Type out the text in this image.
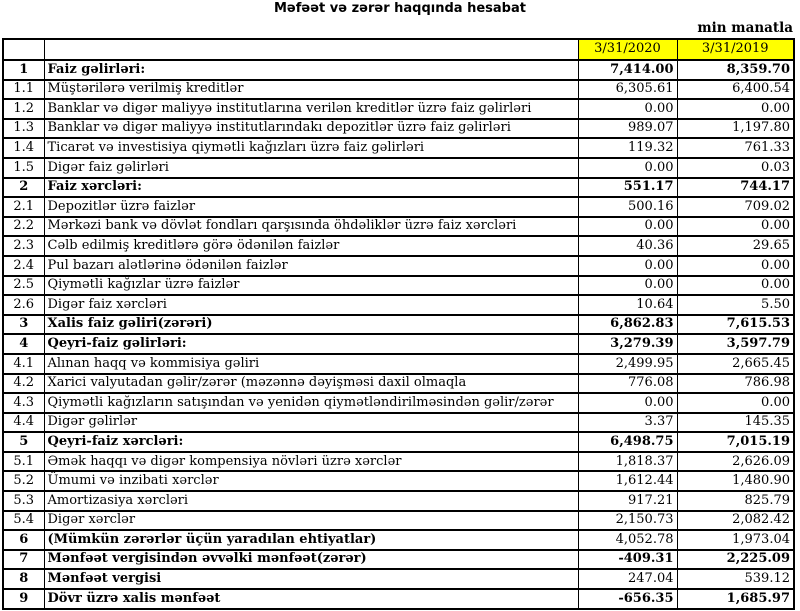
Məfəət və zərər haqqında hesabat
min manatla
		3/31/2020	3/31/2019
1	Faiz gəlirləri:	7,414.00	8,359.70
1.1	Müştərilərə verilmiş kreditlər	6,305.61	6,400.54
1.2	Banklar və digər maliyyə institutlarına verilən kreditlər üzrə faiz gəlirləri	0.00	0.00
1.3	Banklar və digər maliyyə institutlarındakı depozitlər üzrə faiz gəlirləri	989.07	1,197.80
1.4	Ticarət və investisiya qiymətli kağızları üzrə faiz gəlirləri	119.32	761.33
1.5	Digər faiz gəlirləri	0.00	0.03
2	Faiz xərcləri:	551.17	744.17
2.1	Depozitlər üzrə faizlər	500.16	709.02
2.2	Mərkəzi bank və dövlət fondları qarşısında öhdəliklər üzrə faiz xərcləri	0.00	0.00
2.3	Cəlb edilmiş kreditlərə görə ödənilən faizlər	40.36	29.65
2.4	Pul bazarı alətlərinə ödənilən faizlər	0.00	0.00
2.5	Qiymətli kağızlar üzrə faizlər	0.00	0.00
2.6	Digər faiz xərcləri	10.64	5.50
3	Xalis faiz gəliri(zərəri)	6,862.83	7,615.53
4	Qeyri-faiz gəlirləri:	3,279.39	3,597.79
4.1	Alınan haqq və kommisiya gəliri	2,499.95	2,665.45
4.2	Xarici valyutadan gəlir/zərər (məzənnə dəyişməsi daxil olmaqla	776.08	786.98
4.3	Qiymətli kağızların satışından və yenidən qiymətləndirilməsindən gəlir/zərər	0.00	0.00
4.4	Digər gəlirlər	3.37	145.35
5	Qeyri-faiz xərcləri:	6,498.75	7,015.19
5.1	Əmək haqqı və digər kompensiya növləri üzrə xərclər	1,818.37	2,626.09
5.2	Ümumi və inzibati xərclər	1,612.44	1,480.90
5.3	Amortizasiya xərcləri	917.21	825.79
5.4	Digər xərclər	2,150.73	2,082.42
6	(Mümkün zərərlər üçün yaradılan ehtiyatlar)	4,052.78	1,973.04
7	Mənfəət vergisindən əvvəlki mənfəət(zərər)	-409.31	2,225.09
8	Mənfəət vergisi	247.04	539.12
9	Dövr üzrə xalis mənfəət	-656.35	1,685.97
